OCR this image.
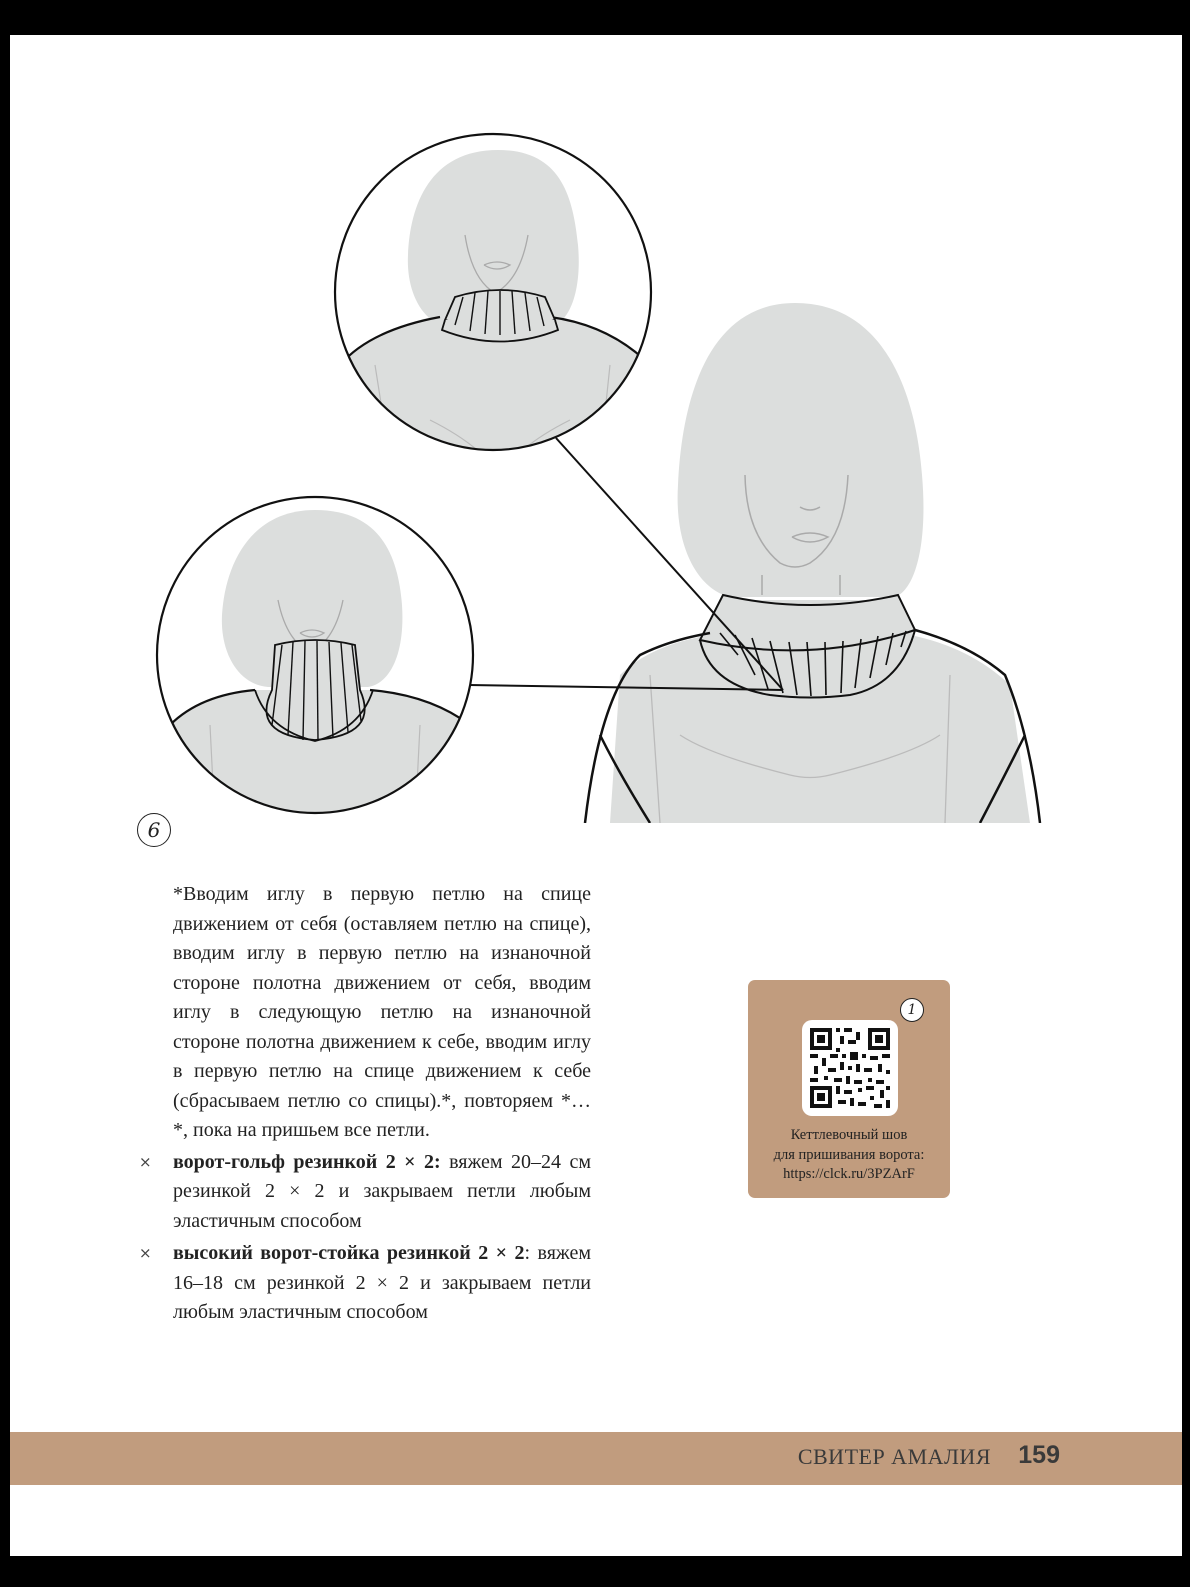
6

*Вводим иглу в первую петлю на спице движением от себя (оставляем петлю на спице), вводим иглу в первую петлю на изнаночной стороне полотна движением от себя, вводим иглу в следующую петлю на изнаночной стороне полотна движением к себе, вводим иглу в первую петлю на спице движением к себе (сбрасываем петлю со спицы).*, повторяем *…*, пока на пришьем все петли.

⨯ ворот-гольф резинкой 2 × 2: вяжем 20–24 см резинкой 2 × 2 и закрываем петли любым эластичным способом
⨯ высокий ворот-стойка резинкой 2 × 2: вяжем 16–18 см резинкой 2 × 2 и закрываем петли любым эластичным способом
1
Кеттлевочный шов
для пришивания ворота:
https://clck.ru/3PZArF
СВИТЕР АМАЛИЯ 159
